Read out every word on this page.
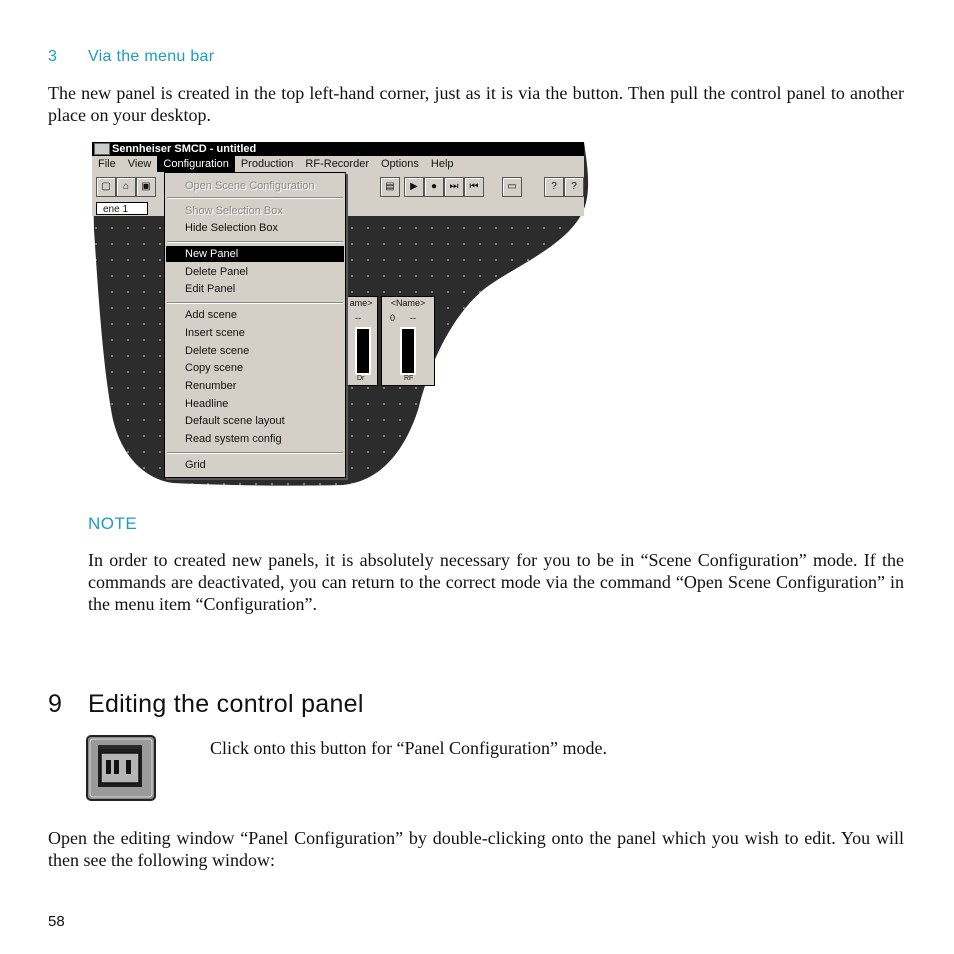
3 Via the menu bar
The new panel is created in the top left-hand corner, just as it is via the button. Then pull the control panel to another place on your desktop.
Sennheiser SMCD - untitled
File View Configuration Production RF-Recorder Options Help
▢	⌂	▣	▤	▶	●	⏭	⏮	▭	?	?
ene 1
ame>
--
Dr
<Name>
0 --
RF
Open Scene Configuration
Show Selection Box
Hide Selection Box
New Panel
Delete Panel
Edit Panel
Add scene
Insert scene
Delete scene
Copy scene
Renumber
Headline
Default scene layout
Read system config
Grid
NOTE
In order to created new panels, it is absolutely necessary for you to be in “Scene Configuration” mode. If the commands are deactivated, you can return to the correct mode via the command “Open Scene Configuration” in the menu item “Configuration”.
9 Editing the control panel
Click onto this button for “Panel Configuration” mode.
Open the editing window “Panel Configuration” by double-clicking onto the panel which you wish to edit. You will then see the following window:
58
